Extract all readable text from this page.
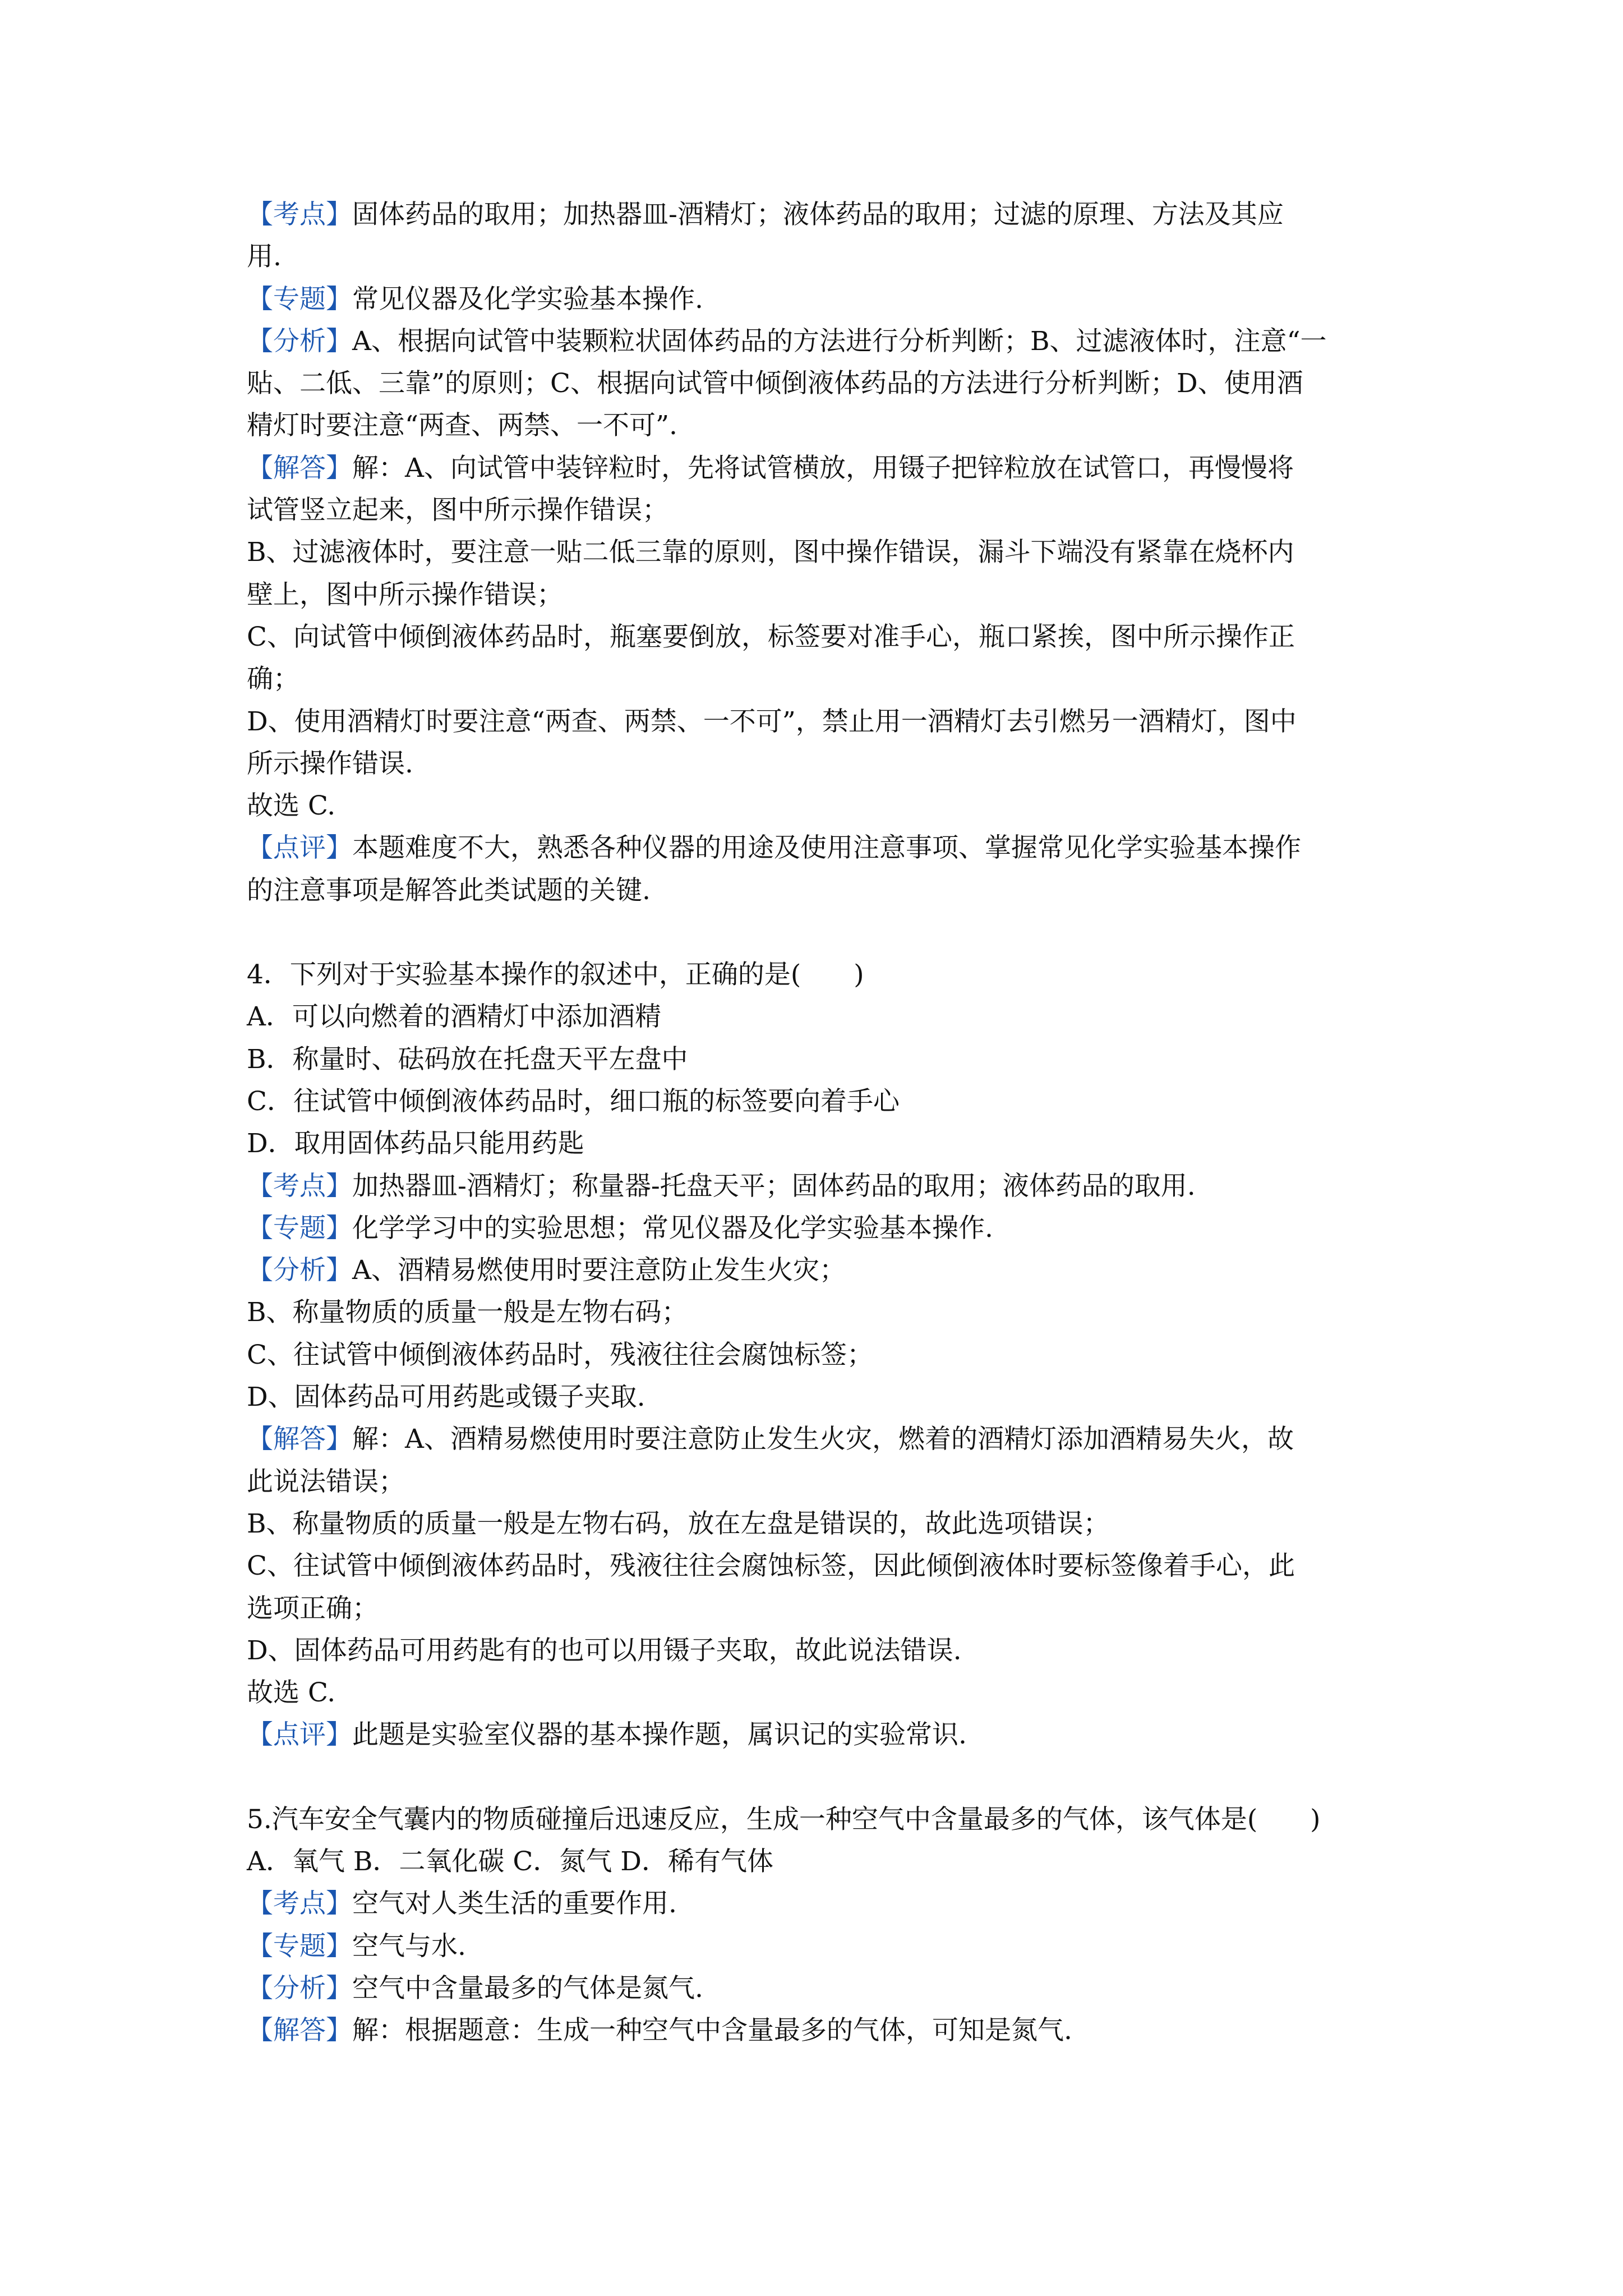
【考点】固体药品的取用；加热器皿-酒精灯；液体药品的取用；过滤的原理、方法及其应

用.

【专题】常见仪器及化学实验基本操作.

【分析】A、根据向试管中装颗粒状固体药品的方法进行分析判断；B、过滤液体时，注意“一

贴、二低、三靠”的原则；C、根据向试管中倾倒液体药品的方法进行分析判断；D、使用酒

精灯时要注意“两查、两禁、一不可”.

【解答】解：A、向试管中装锌粒时，先将试管横放，用镊子把锌粒放在试管口，再慢慢将

试管竖立起来，图中所示操作错误；

B、过滤液体时，要注意一贴二低三靠的原则，图中操作错误，漏斗下端没有紧靠在烧杯内

壁上，图中所示操作错误；

C、向试管中倾倒液体药品时，瓶塞要倒放，标签要对准手心，瓶口紧挨，图中所示操作正

确；

D、使用酒精灯时要注意“两查、两禁、一不可”，禁止用一酒精灯去引燃另一酒精灯，图中

所示操作错误.

故选 C.

【点评】本题难度不大，熟悉各种仪器的用途及使用注意事项、掌握常见化学实验基本操作

的注意事项是解答此类试题的关键.

4．下列对于实验基本操作的叙述中，正确的是(　　)

A．可以向燃着的酒精灯中添加酒精

B．称量时、砝码放在托盘天平左盘中

C．往试管中倾倒液体药品时，细口瓶的标签要向着手心

D．取用固体药品只能用药匙

【考点】加热器皿-酒精灯；称量器-托盘天平；固体药品的取用；液体药品的取用.

【专题】化学学习中的实验思想；常见仪器及化学实验基本操作.

【分析】A、酒精易燃使用时要注意防止发生火灾；

B、称量物质的质量一般是左物右码；

C、往试管中倾倒液体药品时，残液往往会腐蚀标签；

D、固体药品可用药匙或镊子夹取.

【解答】解：A、酒精易燃使用时要注意防止发生火灾，燃着的酒精灯添加酒精易失火，故

此说法错误；

B、称量物质的质量一般是左物右码，放在左盘是错误的，故此选项错误；

C、往试管中倾倒液体药品时，残液往往会腐蚀标签，因此倾倒液体时要标签像着手心，此

选项正确；

D、固体药品可用药匙有的也可以用镊子夹取，故此说法错误.

故选 C.

【点评】此题是实验室仪器的基本操作题，属识记的实验常识.

5.汽车安全气囊内的物质碰撞后迅速反应，生成一种空气中含量最多的气体，该气体是(　　)

A．氧气 B．二氧化碳 C．氮气 D．稀有气体

【考点】空气对人类生活的重要作用.

【专题】空气与水.

【分析】空气中含量最多的气体是氮气.

【解答】解：根据题意：生成一种空气中含量最多的气体，可知是氮气.
